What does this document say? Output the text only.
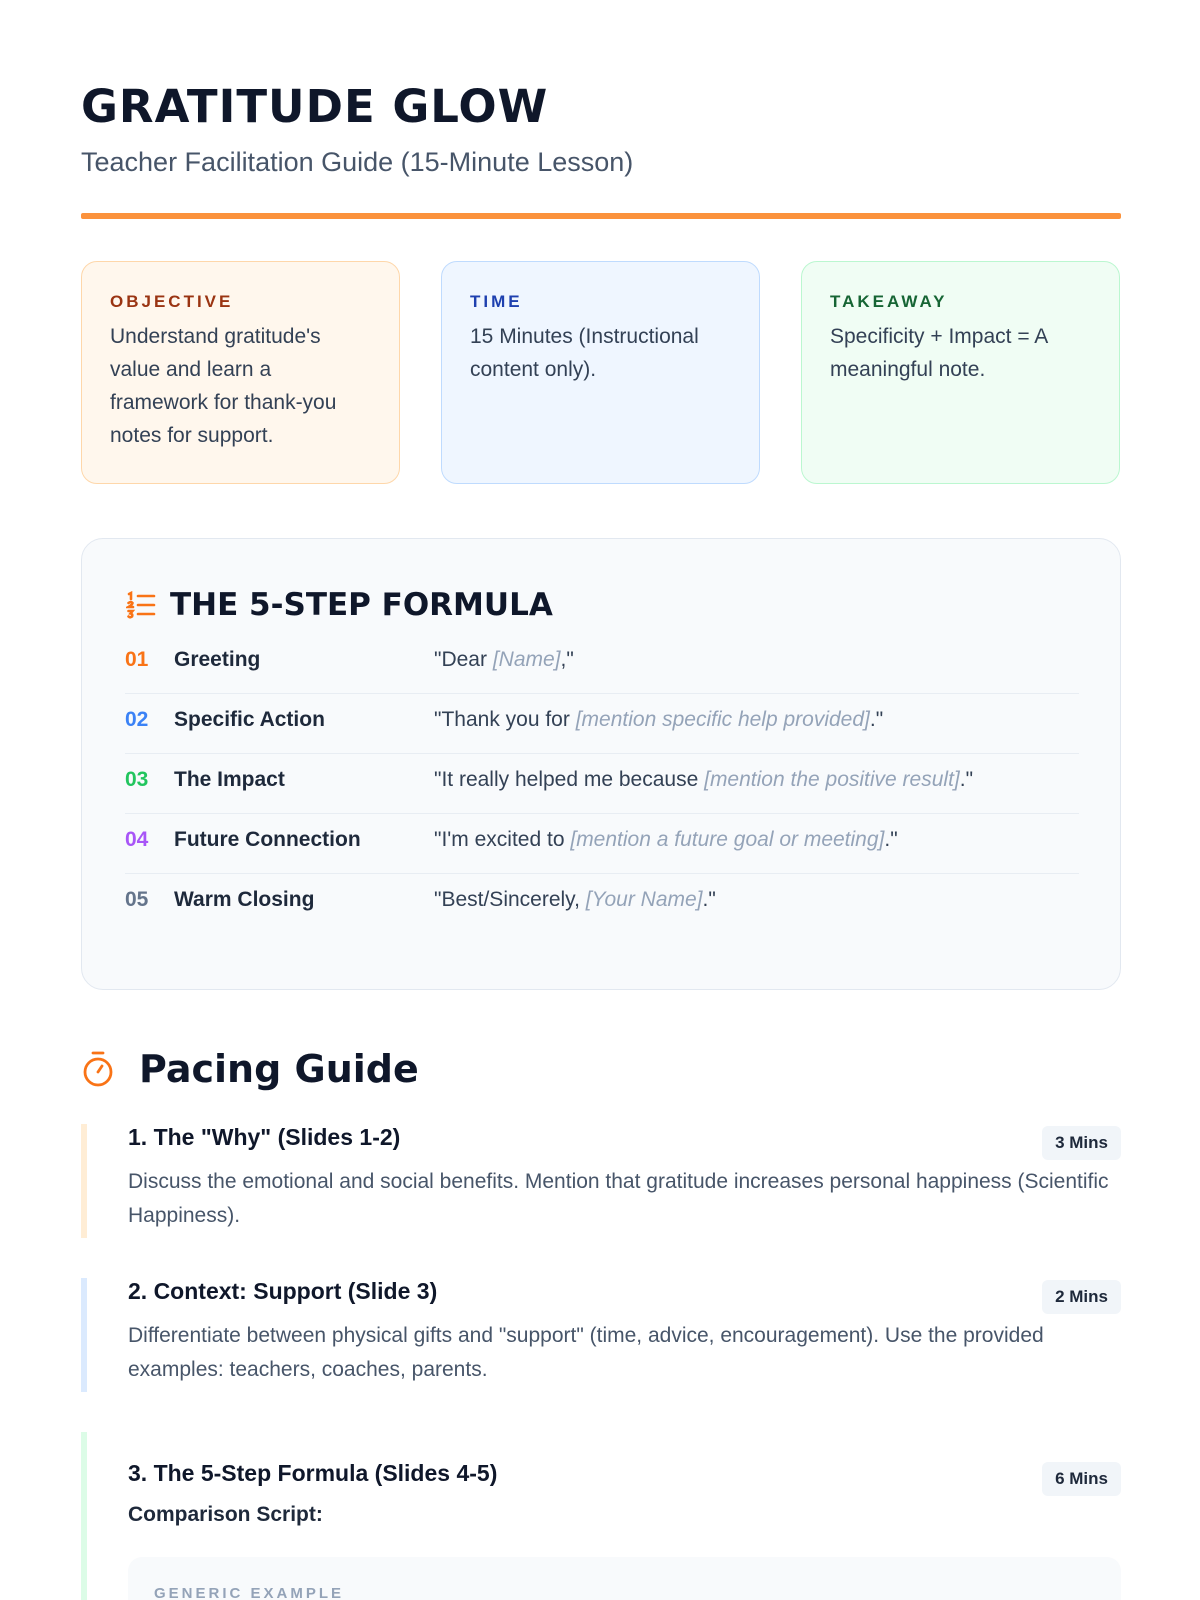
GRATITUDE GLOW
Teacher Facilitation Guide (15-Minute Lesson)
OBJECTIVE
Understand gratitude's value and learn a framework for thank-you notes for support.
TIME
15 Minutes (Instructional content only).
TAKEAWAY
Specificity + Impact = A meaningful note.
THE 5-STEP FORMULA
01 Greeting	"Dear [Name],"
02 Specific Action	"Thank you for [mention specific help provided]."
03 The Impact	"It really helped me because [mention the positive result]."
04 Future Connection	"I'm excited to [mention a future goal or meeting]."
05 Warm Closing	"Best/Sincerely, [Your Name]."
Pacing Guide
1. The "Why" (Slides 1-2)	3 Mins
Discuss the emotional and social benefits. Mention that gratitude increases personal happiness (Scientific Happiness).
2. Context: Support (Slide 3)	2 Mins
Differentiate between physical gifts and "support" (time, advice, encouragement). Use the provided examples: teachers, coaches, parents.
3. The 5-Step Formula (Slides 4-5)	6 Mins
Comparison Script:
GENERIC EXAMPLE
